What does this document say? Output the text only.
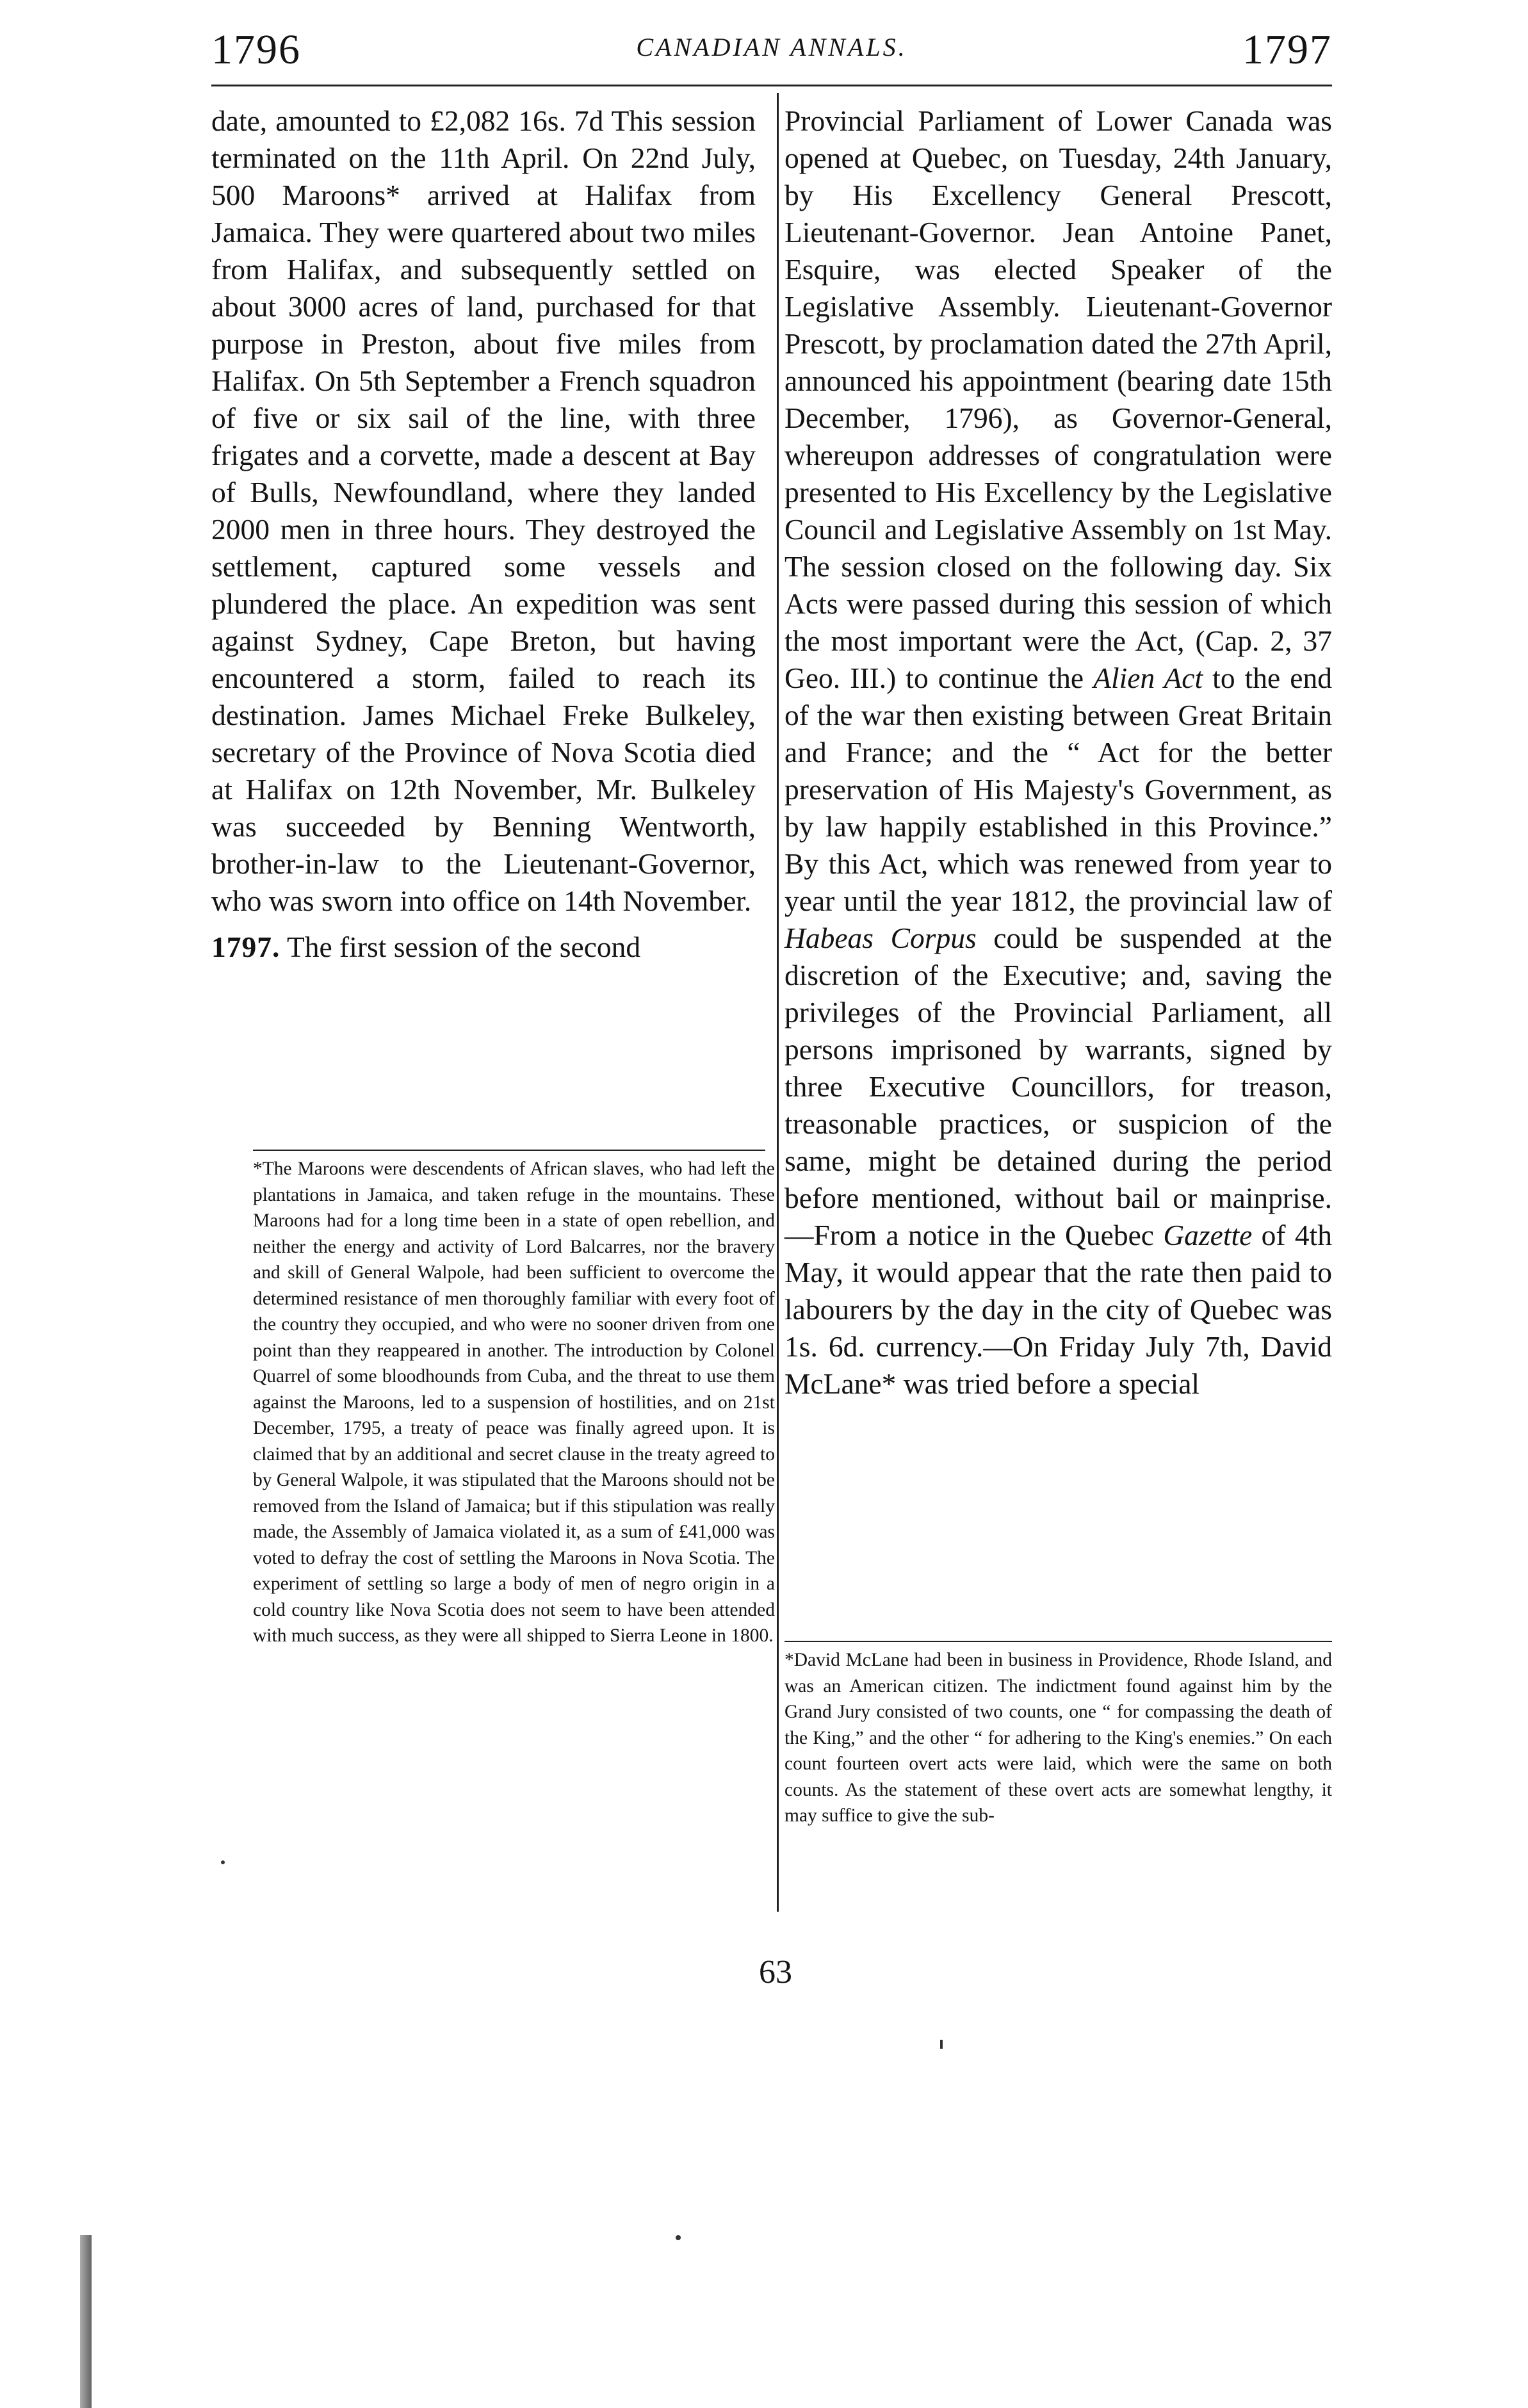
1796	CANADIAN ANNALS.	1797

date, amounted to £2,082 16s. 7d This session terminated on the 11th April. On 22nd July, 500 Maroons* arrived at Halifax from Jamaica. They were quartered about two miles from Halifax, and subsequently settled on about 3000 acres of land, purchased for that purpose in Preston, about five miles from Halifax. On 5th September a French squadron of five or six sail of the line, with three frigates and a corvette, made a descent at Bay of Bulls, Newfoundland, where they landed 2000 men in three hours. They destroyed the settlement, captured some vessels and plundered the place. An expedition was sent against Sydney, Cape Breton, but having encountered a storm, failed to reach its destination. James Michael Freke Bulkeley, secretary of the Province of Nova Scotia died at Halifax on 12th November, Mr. Bulkeley was succeeded by Benning Wentworth, brother-in-law to the Lieutenant-Governor, who was sworn into office on 14th November.

1797. The first session of the second

Provincial Parliament of Lower Canada was opened at Quebec, on Tuesday, 24th January, by His Excellency General Prescott, Lieutenant-Governor. Jean Antoine Panet, Esquire, was elected Speaker of the Legislative Assembly. Lieutenant-Governor Prescott, by proclamation dated the 27th April, announced his appointment (bearing date 15th December, 1796), as Governor-General, whereupon addresses of congratulation were presented to His Excellency by the Legislative Council and Legislative Assembly on 1st May. The session closed on the following day. Six Acts were passed during this session of which the most important were the Act, (Cap. 2, 37 Geo. III.) to continue the Alien Act to the end of the war then existing between Great Britain and France; and the “ Act for the better preservation of His Majesty's Government, as by law happily established in this Province.” By this Act, which was renewed from year to year until the year 1812, the provincial law of Habeas Corpus could be suspended at the discretion of the Executive; and, saving the privileges of the Provincial Parliament, all persons imprisoned by warrants, signed by three Executive Councillors, for treason, treasonable practices, or suspicion of the same, might be detained during the period before mentioned, without bail or mainprise.—From a notice in the Quebec Gazette of 4th May, it would appear that the rate then paid to labourers by the day in the city of Quebec was 1s. 6d. currency.—On Friday July 7th, David McLane* was tried before a special

*The Maroons were descendents of African slaves, who had left the plantations in Jamaica, and taken refuge in the mountains. These Maroons had for a long time been in a state of open rebellion, and neither the energy and activity of Lord Balcarres, nor the bravery and skill of General Walpole, had been sufficient to overcome the determined resistance of men thoroughly familiar with every foot of the country they occupied, and who were no sooner driven from one point than they reappeared in another. The introduction by Colonel Quarrel of some bloodhounds from Cuba, and the threat to use them against the Maroons, led to a suspension of hostilities, and on 21st December, 1795, a treaty of peace was finally agreed upon. It is claimed that by an additional and secret clause in the treaty agreed to by General Walpole, it was stipulated that the Maroons should not be removed from the Island of Jamaica; but if this stipulation was really made, the Assembly of Jamaica violated it, as a sum of £41,000 was voted to defray the cost of settling the Maroons in Nova Scotia. The experiment of settling so large a body of men of negro origin in a cold country like Nova Scotia does not seem to have been attended with much success, as they were all shipped to Sierra Leone in 1800.
*David McLane had been in business in Providence, Rhode Island, and was an American citizen. The indictment found against him by the Grand Jury consisted of two counts, one “ for compassing the death of the King,” and the other “ for adhering to the King's enemies.” On each count fourteen overt acts were laid, which were the same on both counts. As the statement of these overt acts are somewhat lengthy, it may suffice to give the sub-
63
